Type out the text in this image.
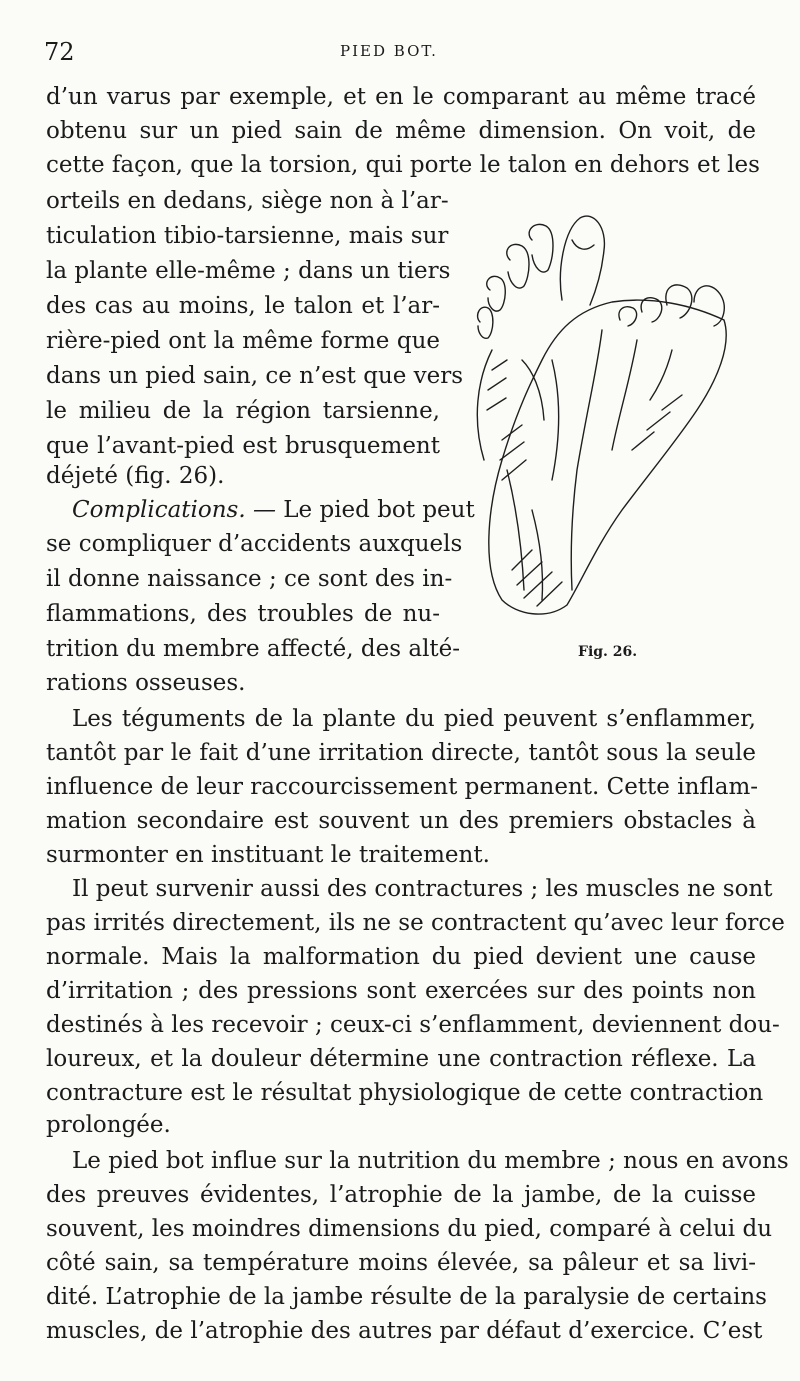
72	PIED BOT.
d’un varus par exemple, et en le comparant au même tracé
obtenu sur un pied sain de même dimension. On voit, de
cette façon, que la torsion, qui porte le talon en dehors et les
orteils en dedans, siège non à l’ar-
ticulation tibio-tarsienne, mais sur
la plante elle-même ; dans un tiers
des cas au moins, le talon et l’ar-
rière-pied ont la même forme que
dans un pied sain, ce n’est que vers
le milieu de la région tarsienne,
que l’avant-pied est brusquement
déjeté (fig. 26).
Complications. — Le pied bot peut
se compliquer d’accidents auxquels
il donne naissance ; ce sont des in-
flammations, des troubles de nu-
trition du membre affecté, des alté-
rations osseuses.
Les téguments de la plante du pied peuvent s’enflammer,
tantôt par le fait d’une irritation directe, tantôt sous la seule
influence de leur raccourcissement permanent. Cette inflam-
mation secondaire est souvent un des premiers obstacles à
surmonter en instituant le traitement.
Il peut survenir aussi des contractures ; les muscles ne sont
pas irrités directement, ils ne se contractent qu’avec leur force
normale. Mais la malformation du pied devient une cause
d’irritation ; des pressions sont exercées sur des points non
destinés à les recevoir ; ceux-ci s’enflamment, deviennent dou-
loureux, et la douleur détermine une contraction réflexe. La
contracture est le résultat physiologique de cette contraction
prolongée.
Le pied bot influe sur la nutrition du membre ; nous en avons
des preuves évidentes, l’atrophie de la jambe, de la cuisse
souvent, les moindres dimensions du pied, comparé à celui du
côté sain, sa température moins élevée, sa pâleur et sa livi-
dité. L’atrophie de la jambe résulte de la paralysie de certains
muscles, de l’atrophie des autres par défaut d’exercice. C’est
Fig. 26.
